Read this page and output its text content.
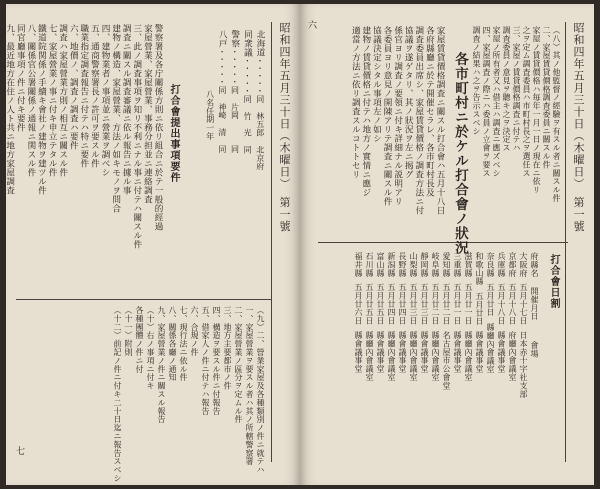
昭和四年五月三十日（木曜日）　第一號
七
北海道
・・・・・
同　林五郎　北京府
同衆議
・・・・・
同　竹　光　同
警察
・・・・・
同　片岡　　　同
八戸
・・・・・
同　神崎　清　同
八名任期一年
打合會提出事項要件
警察署及各庁關係方則ニ依リ組合ニ於テ一般的經過
家屋營業、家屋營業、事務分担並ニ連絡調査
三、此ノ調査事項ヲ知リ不利ニナル事ニ付テハ關スル件
調査ニ關スル調査審議ニ依ル報告ニ據ル事
建物ノ構造、家屋營業、方法ノ如キモノヲ問合
四、建物業者ノ事項並ニ營業ヲ調べシ
五、通商警察署長ノ許可ヲ要スル件
職業指定調査報告ニ付テハ特ニ要件
六、地價ノ、調査ノ調査ハ要件
調査ハ家屋營業方則ノ相互ニ關スル件
七、家屋營業ノ事ニ付キ申立テタル件
鐵道院関係ノ手續キ會社ノ建物ヲ建ツル件
八、關係官公署關係ノ通報ニ関スル件
同官廳事項ノ件ニ付キ要件
九、最近地方在住ノ人ト共ニ地方家屋調査
（九）二、營業家屋及各種類別ノ件ニ就テハ
一、家屋營業ヲ要スル者ハ其ノ所轄警察署
二、家屋營業ノ區分ヲ定ムル件
三、地方主要都市ノ件
四、構造ヲ要スル件ニ付報告
五、借家人ノ件ニ付テハ報告
六、合規ノ件
七、現行法ニ依ル件
八、關係各廳ノ通知
九、家屋營業ノ件ニ關スル報告
（十）右ノ事項ニ付キ
各種團體ノ件ニ付
（十一）附則
（十二）前記ノ件ニ付キ二十日迄ニ報告スベシ
昭和四年五月三十日（木曜日）　第一號
六	（八）其ノ他監督ノ經驗ヲ有スル者ニ關スル件
二、家屋賃貸價格調査委員ニ關スル件
家屋ノ賃貸價格ハ毎年一月一日ノ現在ニ依リ
之ヲ定ム調査委員ハ市町村長之ヲ選任ス
三、家屋ノ賃貸價格調査ニ付テハ
調査委員ノ意見ヲ聽キ之ヲ決定ス
家屋ノ所有者又ハ借主ハ調査ニ應ズベシ
四、家屋調査ノ際ニハ委員ノ立會ヲ要ス
調査ノ結果ハ之ヲ告示スベシ
各市町村ニ於ケル打合會ノ狀況
家屋賃貸價格調査ニ關スル打合會ハ五月十八日
各府縣廳ニ於テ開催セラレ、各市町村長及
調査委員出席シ、家屋賃貸價格ノ調査方法ニ付
協議ヲ遂ゲタリ、其ノ狀況ヲ左ニ揭グ
係官ヨリ調査ノ要領ニ付キ詳細ナル説明アリ
各委員ヨリ意見ノ開陳アリテ調査ニ關スル件
協議決定シタル事項左ノ如シ
建物ノ賃貸價格ニ付テハ地方ノ實情ニ應ジ
適當ノ方法ニ依リ調査スルコトトセリ
打合會日割
府縣名
開催月日
會場
大阪府
五月十七日
日本赤十字社支部
京都府
五月十八日
府廳內會議室
兵庫縣
五月十八日
縣會議事堂
奈良縣
五月廿日
縣廳內會議室
和歌山縣
五月廿日
縣會議事堂
滋賀縣
五月廿一日
縣廳內會議室
三重縣
五月廿一日
縣會議事堂
愛知縣
五月廿二日
名古屋市公會堂
岐阜縣
五月廿二日
縣廳內會議室
靜岡縣
五月廿三日
縣會議事堂
山梨縣
五月廿三日
縣廳內會議室
長野縣
五月廿四日
縣會議事堂
新潟縣
五月廿四日
縣廳內會議室
富山縣
五月廿五日
縣會議事堂
石川縣
五月廿五日
縣廳內會議室
福井縣
五月廿六日
縣會議事堂
